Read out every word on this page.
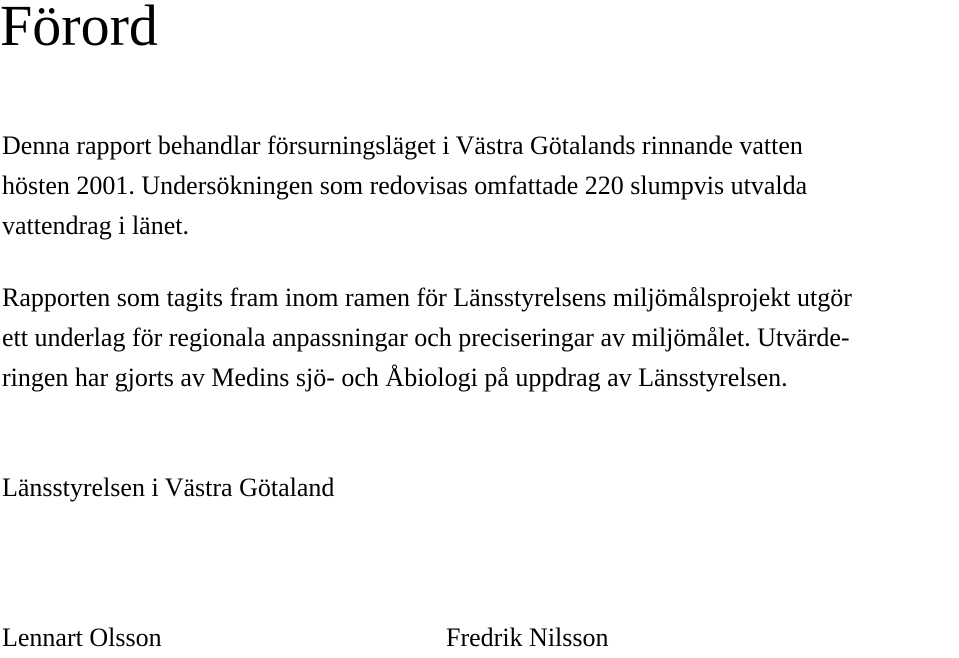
Förord

Denna rapport behandlar försurningsläget i Västra Götalands rinnande vatten
hösten 2001. Undersökningen som redovisas omfattade 220 slumpvis utvalda
vattendrag i länet.

Rapporten som tagits fram inom ramen för Länsstyrelsens miljömålsprojekt utgör
ett underlag för regionala anpassningar och preciseringar av miljömålet. Utvärde-
ringen har gjorts av Medins sjö- och Åbiologi på uppdrag av Länsstyrelsen.

Länsstyrelsen i Västra Götaland

Lennart Olsson	Fredrik Nilsson
